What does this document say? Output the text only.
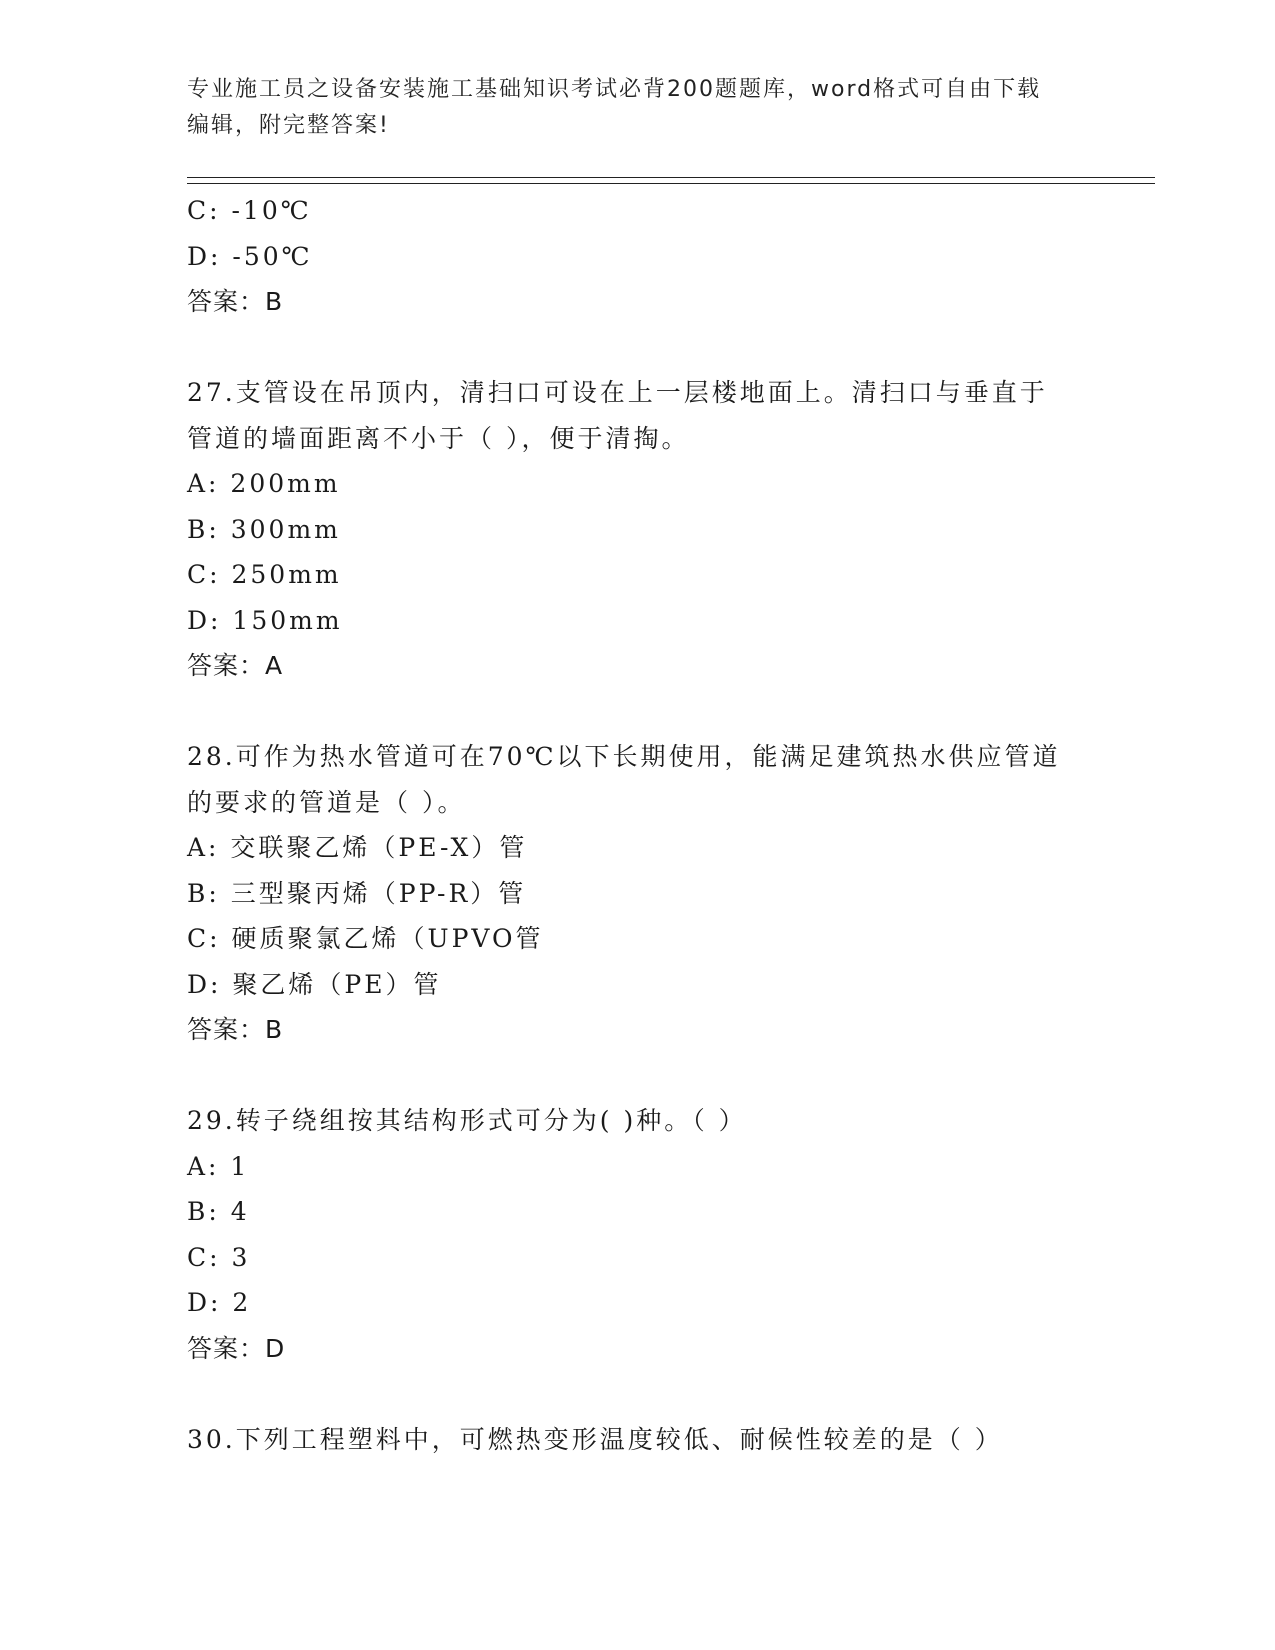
专业施工员之设备安装施工基础知识考试必背200题题库，word格式可自由下载
编辑，附完整答案!
C: -10℃
D: -50℃
答案：B
27.支管设在吊顶内，清扫口可设在上一层楼地面上。清扫口与垂直于
管道的墙面距离不小于（ ），便于清掏。
A: 200mm
B: 300mm
C: 250mm
D: 150mm
答案：A
28.可作为热水管道可在70℃以下长期使用，能满足建筑热水供应管道
的要求的管道是（ ）。
A: 交联聚乙烯（PE-X）管
B: 三型聚丙烯（PP-R）管
C: 硬质聚氯乙烯（UPVO管
D: 聚乙烯（PE）管
答案：B
29.转子绕组按其结构形式可分为( )种。（ ）
A: 1
B: 4
C: 3
D: 2
答案：D
30.下列工程塑料中，可燃热变形温度较低、耐候性较差的是（ ）
